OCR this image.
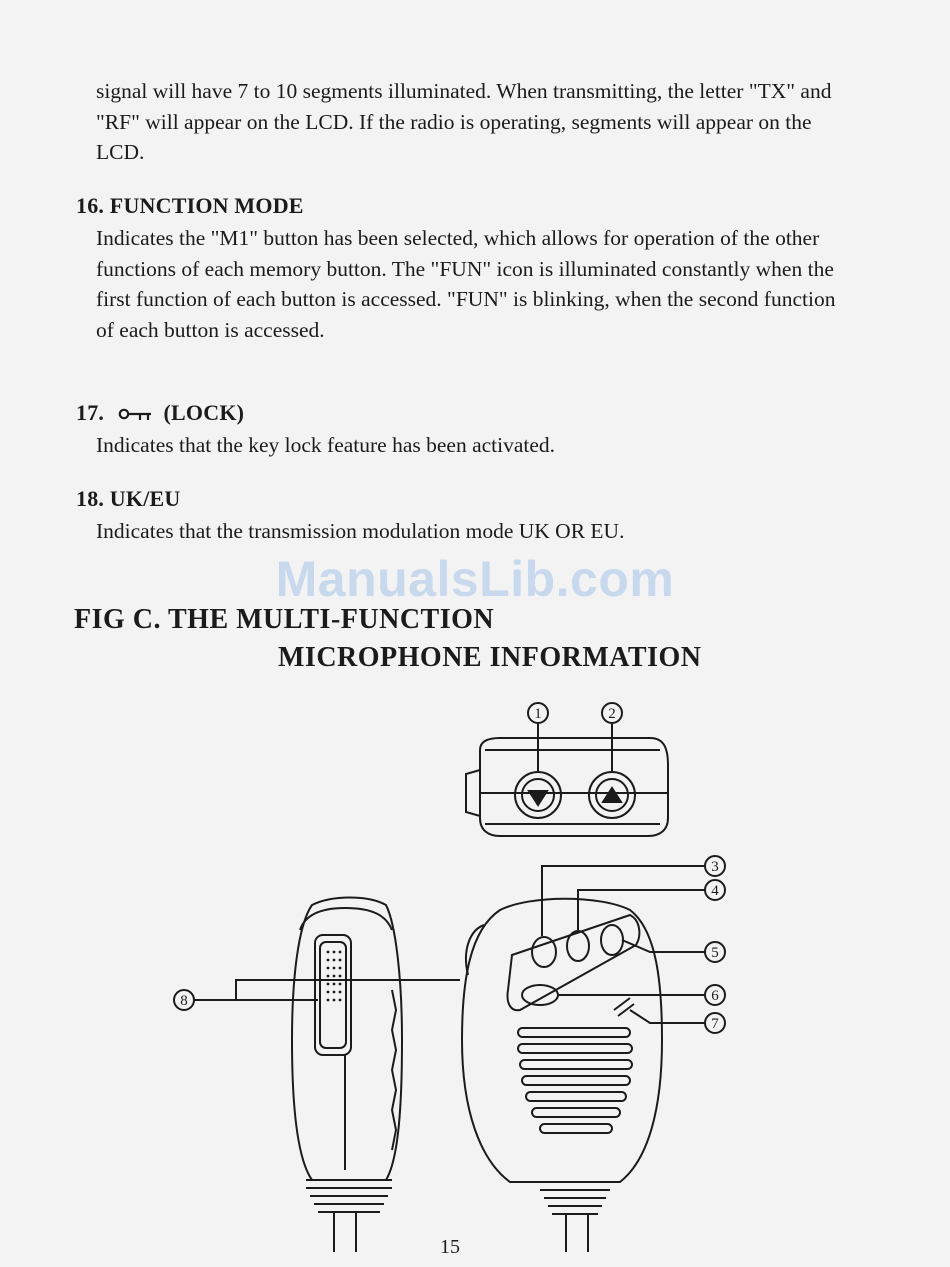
signal will have 7 to 10 segments illuminated. When transmitting, the letter "TX" and "RF" will appear on the LCD. If the radio is operating, segments will appear on the LCD.

16. FUNCTION MODE

Indicates the "M1" button has been selected, which allows for operation of the other functions of each memory button. The "FUN" icon is illuminated constantly when the first function of each button is accessed. "FUN" is blinking, when the second function of each button is accessed.

17.	(LOCK)

Indicates that the key lock feature has been activated.

18. UK/EU

Indicates that the transmission modulation mode UK OR EU.

ManualsLib.com
FIG C. THE MULTI-FUNCTION
MICROPHONE INFORMATION
1	2
3
4
5
6
7
8
15
